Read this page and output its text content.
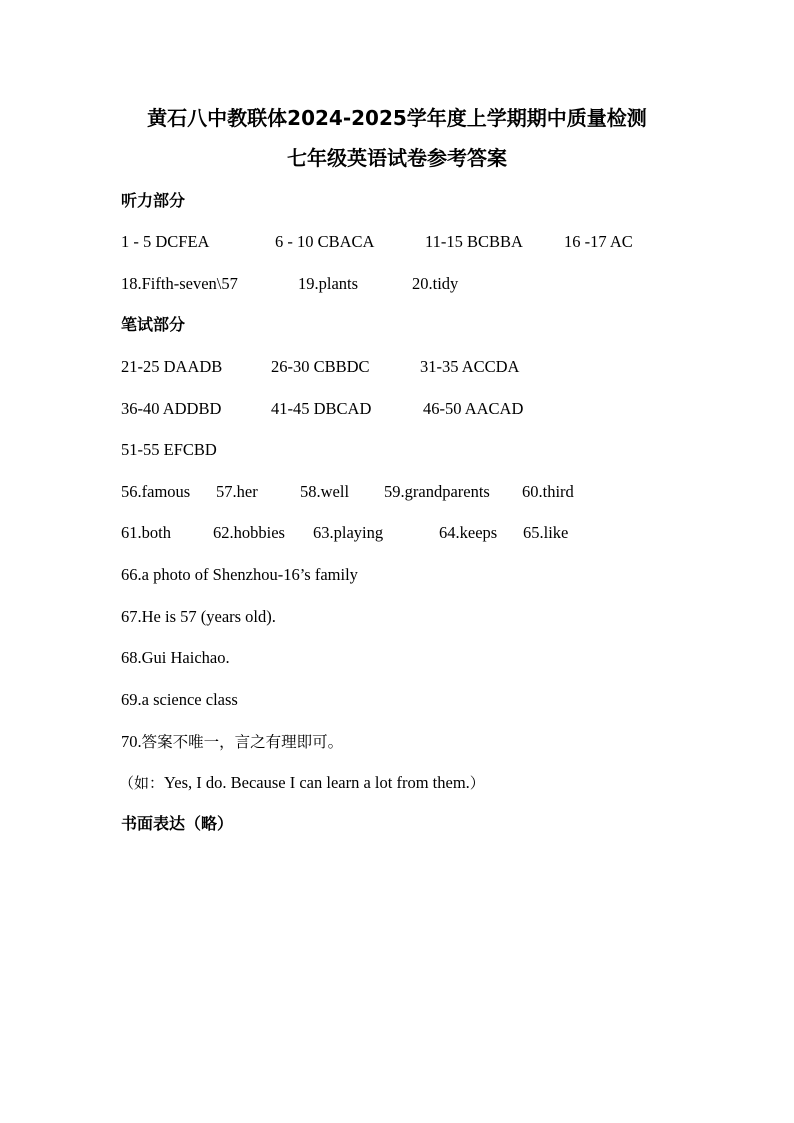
黄石八中教联体2024-2025学年度上学期期中质量检测
七年级英语试卷参考答案
听力部分
1 - 5 DCFEA	6 - 10 CBACA	11-15 BCBBA 16 -17 AC
18.Fifth-seven\57	19.plants	20.tidy
笔试部分
21-25 DAADB	26-30 CBBDC	31-35 ACCDA
36-40 ADDBD	41-45 DBCAD	46-50 AACAD
51-55 EFCBD
56.famous 57.her	58.well 59.grandparents 60.third
61.both	62.hobbies 63.playing	64.keeps 65.like
66.a photo of Shenzhou-16’s family
67.He is 57 (years old).
68.Gui Haichao.
69.a science class
70.答案不唯一，言之有理即可。
（如：Yes, I do. Because I can learn a lot from them.）
书面表达（略）
